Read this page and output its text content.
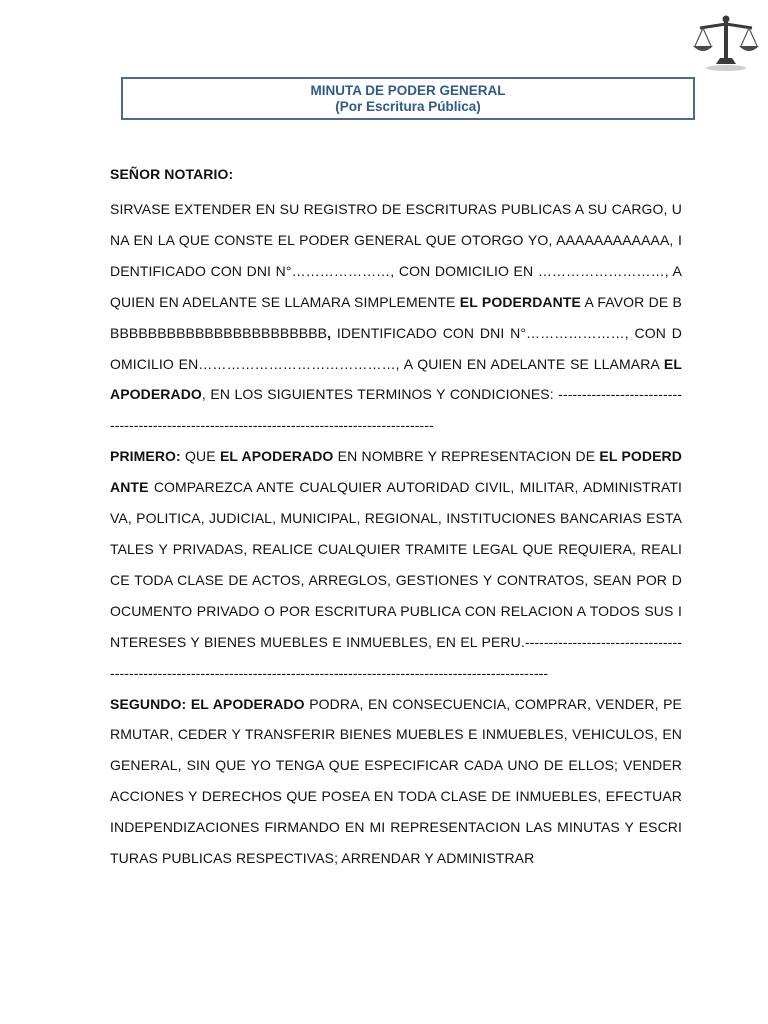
MINUTA DE PODER GENERAL
(Por Escritura Pública)

SEÑOR NOTARIO:

SIRVASE EXTENDER EN SU REGISTRO DE ESCRITURAS PUBLICAS A SU CARGO, UNA EN LA QUE CONSTE EL PODER GENERAL QUE OTORGO YO, AAAAAAAAAAAA, IDENTIFICADO CON DNI N°…………………, CON DOMICILIO EN ………………………, A QUIEN EN ADELANTE SE LLAMARA SIMPLEMENTE EL PODERDANTE A FAVOR DE BBBBBBBBBBBBBBBBBBBBBBBB, IDENTIFICADO CON DNI N°…………………, CON DOMICILIO EN……………………………………, A QUIEN EN ADELANTE SE LLAMARA EL APODERADO, EN LOS SIGUIENTES TERMINOS Y CONDICIONES: ----------------------------------------------------------------------------------------------

PRIMERO: QUE EL APODERADO EN NOMBRE Y REPRESENTACION DE EL PODERDANTE COMPAREZCA ANTE CUALQUIER AUTORIDAD CIVIL, MILITAR, ADMINISTRATIVA, POLITICA, JUDICIAL, MUNICIPAL, REGIONAL, INSTITUCIONES BANCARIAS ESTATALES Y PRIVADAS, REALICE CUALQUIER TRAMITE LEGAL QUE REQUIERA, REALICE TODA CLASE DE ACTOS, ARREGLOS, GESTIONES Y CONTRATOS, SEAN POR DOCUMENTO PRIVADO O POR ESCRITURA PUBLICA CON RELACION A TODOS SUS INTERESES Y BIENES MUEBLES E INMUEBLES, EN EL PERU.-----------------------------------------------------------------------------------------------------------------------------

SEGUNDO: EL APODERADO PODRA, EN CONSECUENCIA, COMPRAR, VENDER, PERMUTAR, CEDER Y TRANSFERIR BIENES MUEBLES E INMUEBLES, VEHICULOS, EN GENERAL, SIN QUE YO TENGA QUE ESPECIFICAR CADA UNO DE ELLOS; VENDER ACCIONES Y DERECHOS QUE POSEA EN TODA CLASE DE INMUEBLES, EFECTUAR INDEPENDIZACIONES FIRMANDO EN MI REPRESENTACION LAS MINUTAS Y ESCRITURAS PUBLICAS RESPECTIVAS; ARRENDAR Y ADMINISTRAR
